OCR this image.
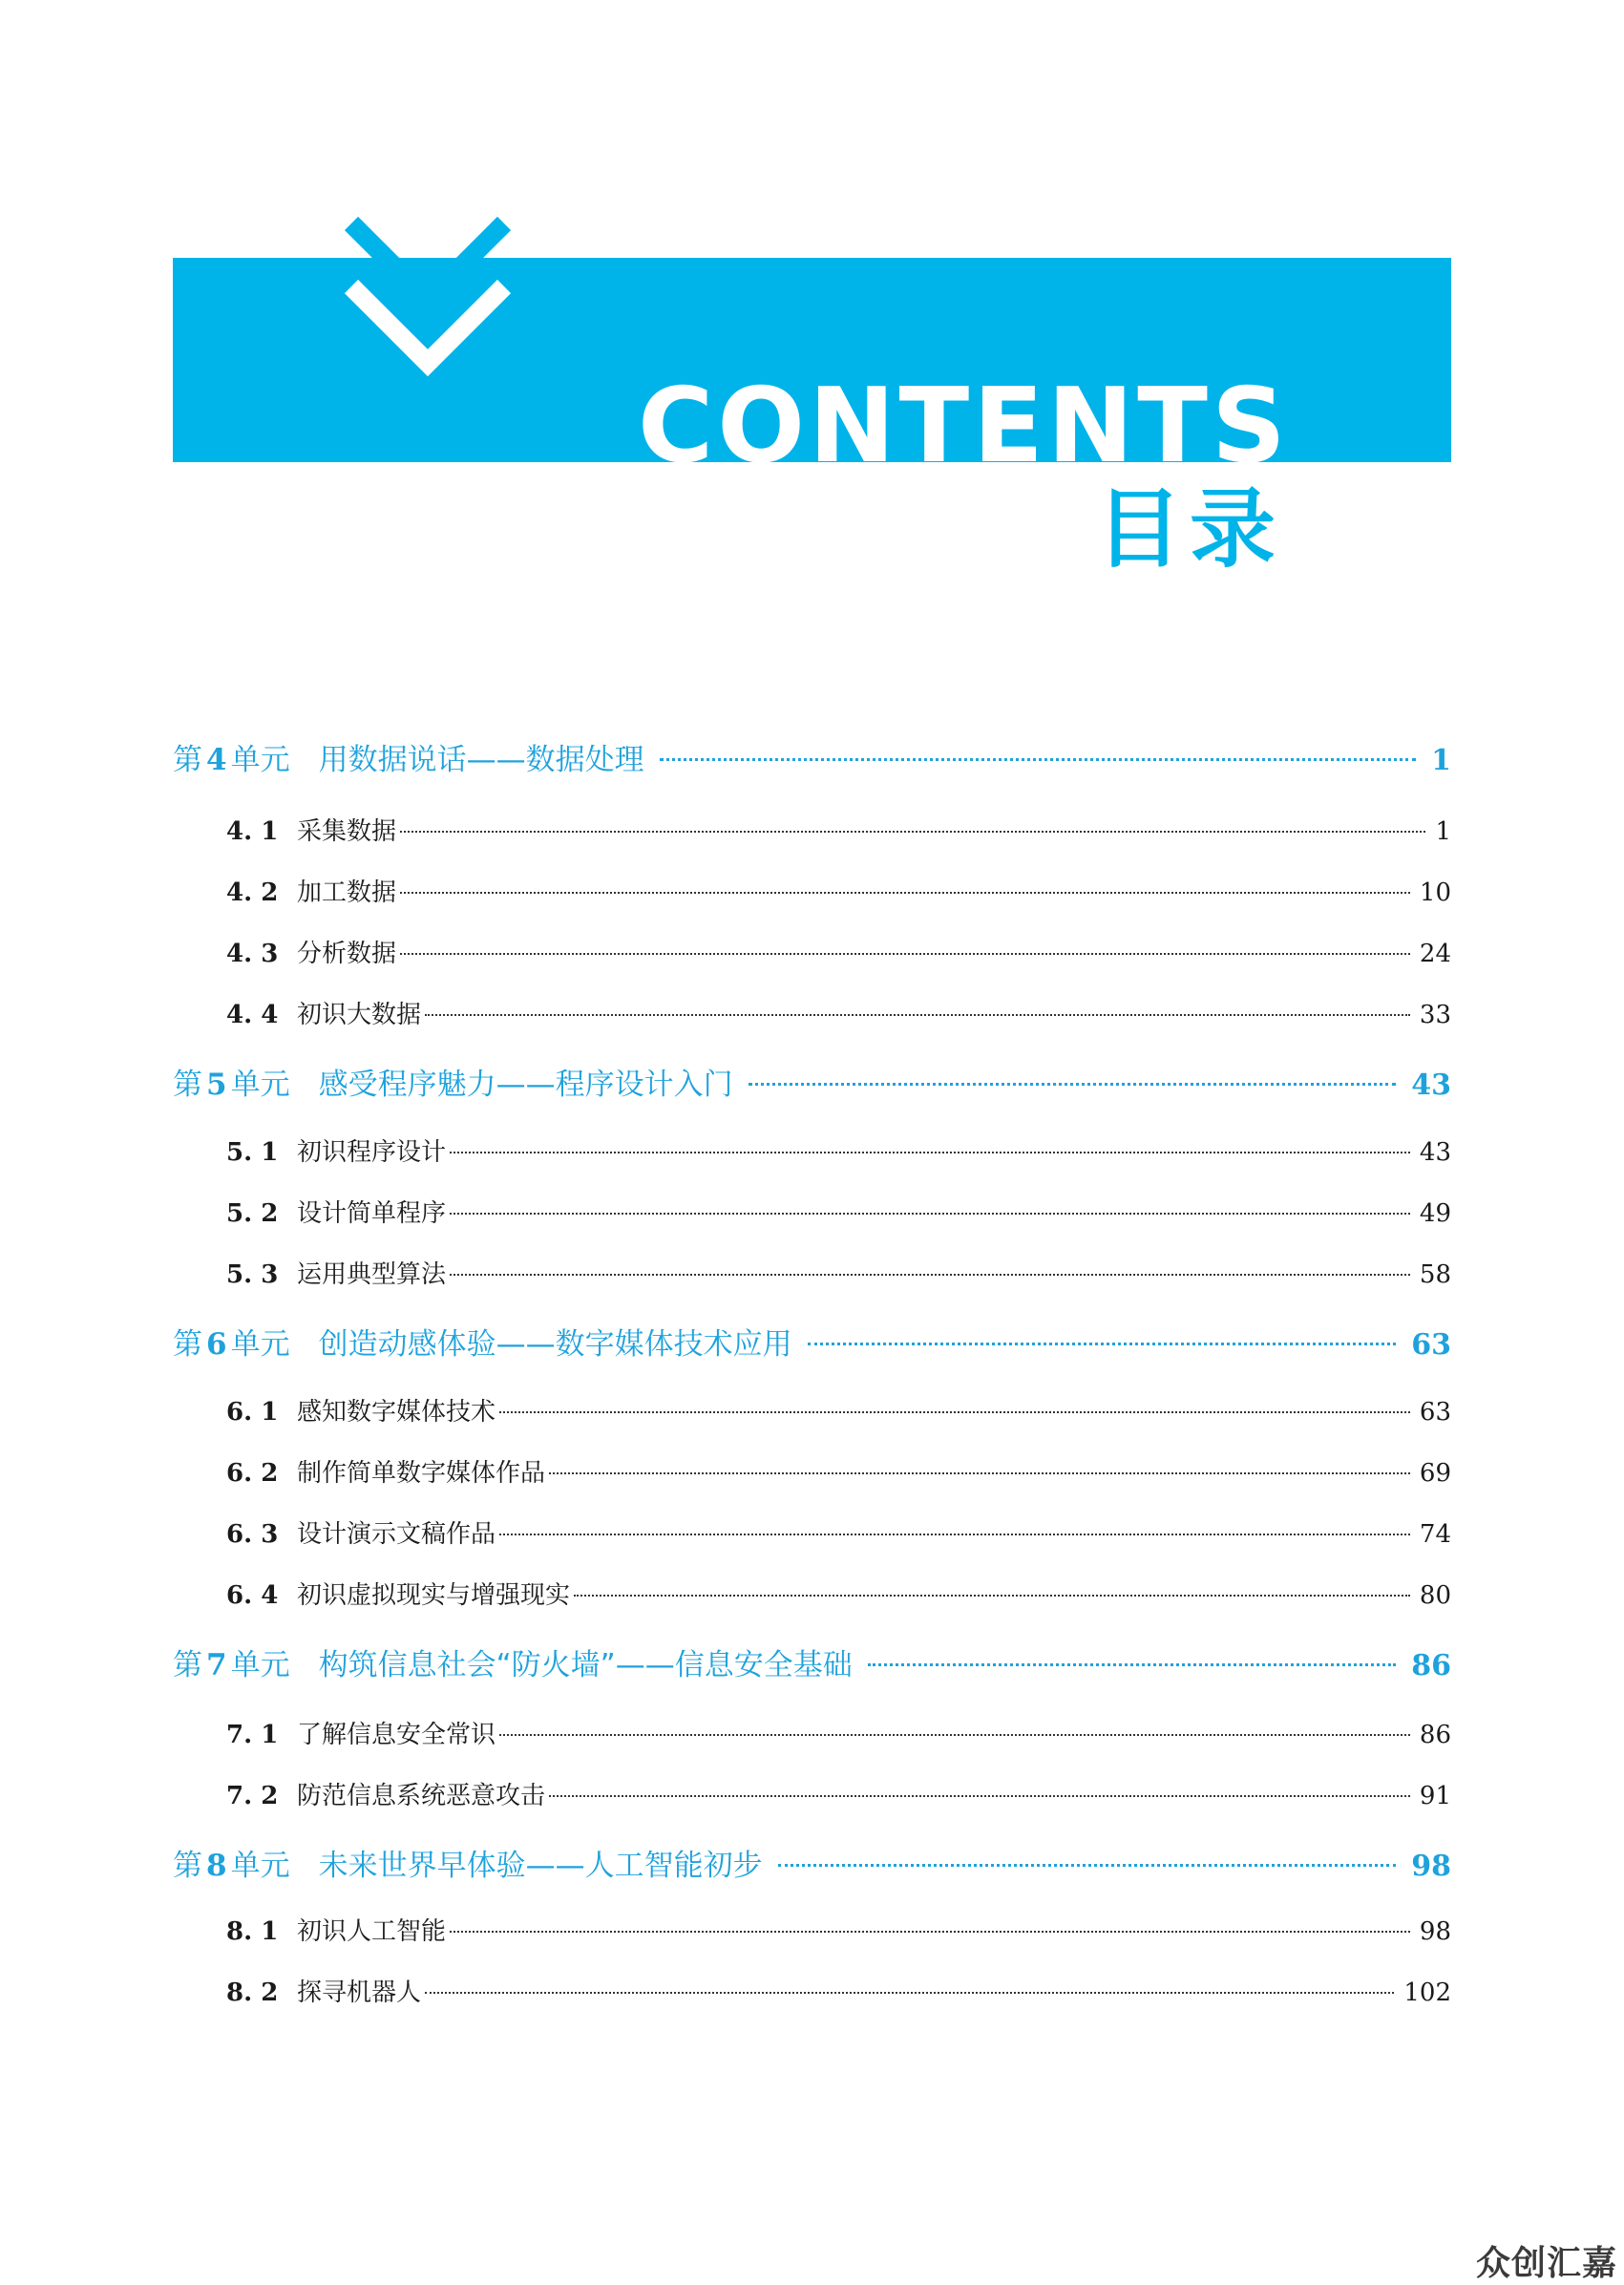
CONTENTS
目录
第 4 单元 用数据说话——数据处理	1
4. 1 采集数据	1
4. 2 加工数据	10
4. 3 分析数据	24
4. 4 初识大数据	33
第 5 单元 感受程序魅力——程序设计入门	43
5. 1 初识程序设计	43
5. 2 设计简单程序	49
5. 3 运用典型算法	58
第 6 单元 创造动感体验——数字媒体技术应用	63
6. 1 感知数字媒体技术	63
6. 2 制作简单数字媒体作品	69
6. 3 设计演示文稿作品	74
6. 4 初识虚拟现实与增强现实	80
第 7 单元 构筑信息社会“防火墙”——信息安全基础	86
7. 1 了解信息安全常识	86
7. 2 防范信息系统恶意攻击	91
第 8 单元 未来世界早体验——人工智能初步	98
8. 1 初识人工智能	98
8. 2 探寻机器人	102
众创汇嘉
